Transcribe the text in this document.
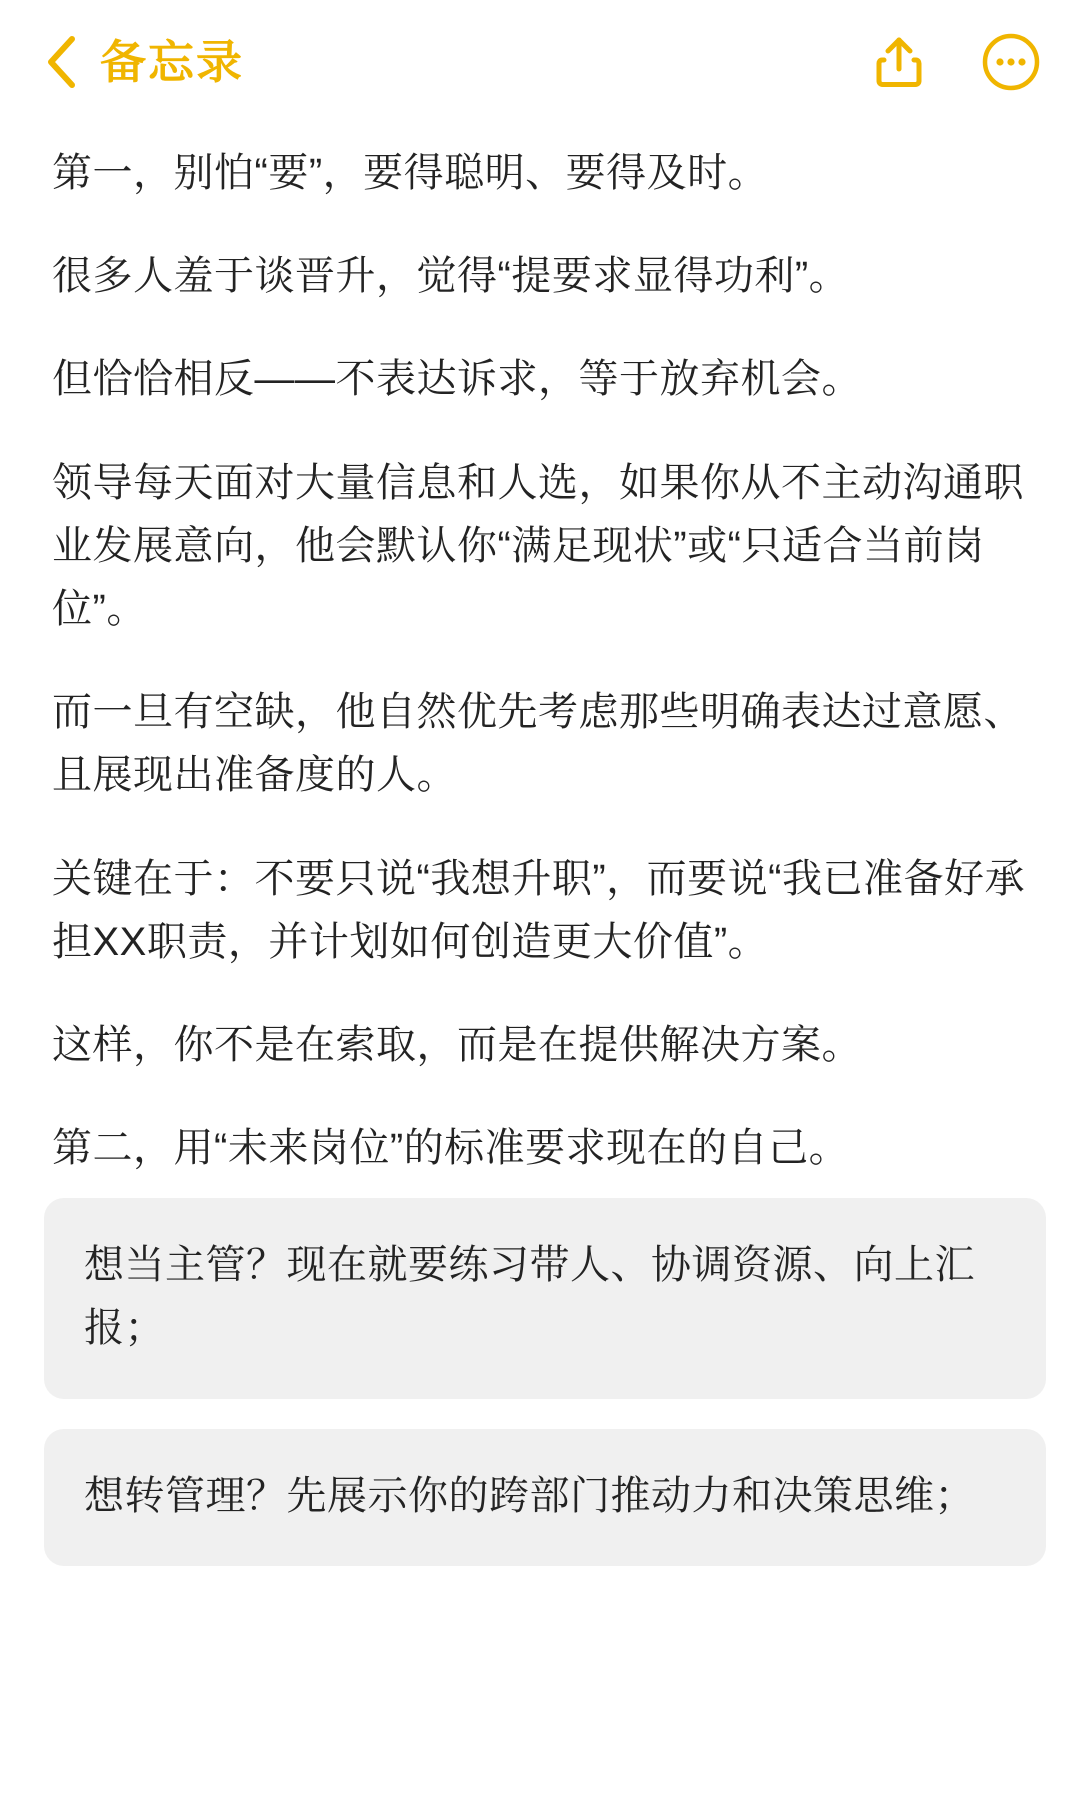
备忘录

第一，别怕“要”，要得聪明、要得及时。

很多人羞于谈晋升，觉得“提要求显得功利”。

但恰恰相反——不表达诉求，等于放弃机会。

领导每天面对大量信息和人选，如果你从不主动沟通职业发展意向，他会默认你“满足现状”或“只适合当前岗位”。

而一旦有空缺，他自然优先考虑那些明确表达过意愿、且展现出准备度的人。

关键在于：不要只说“我想升职”，而要说“我已准备好承担XX职责，并计划如何创造更大价值”。

这样，你不是在索取，而是在提供解决方案。

第二，用“未来岗位”的标准要求现在的自己。

想当主管？现在就要练习带人、协调资源、向上汇报；

想转管理？先展示你的跨部门推动力和决策思维；
